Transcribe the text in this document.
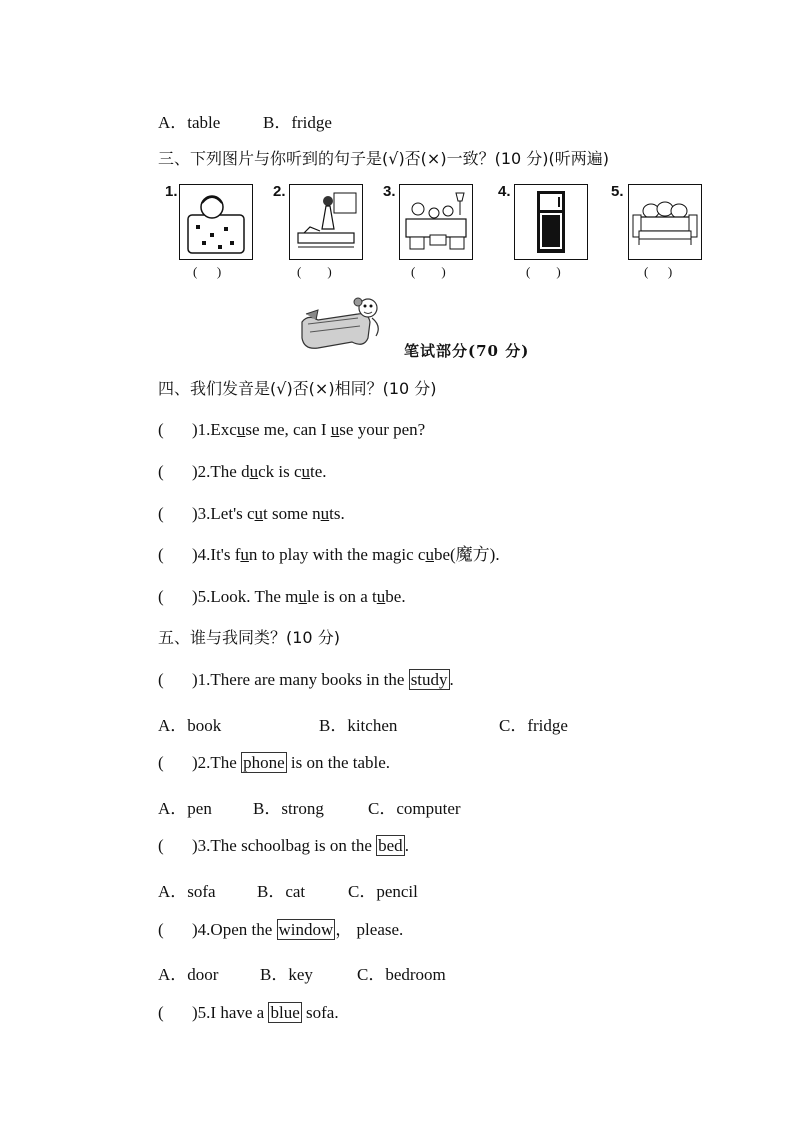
A．table	B．fridge
三、下列图片与你听到的句子是(√)否(×)一致？(10 分)(听两遍)
1.
(      )
2.
(        )
3.
(        )
4.
(        )
5.
(      )
笔试部分(70 分)
四、我们发音是(√)否(×)相同？(10 分)
( )1.Excuse me, can I use your pen?
( )2.The duck is cute.
( )3.Let's cut some nuts.
( )4.It's fun to play with the magic cube(魔方).
( )5.Look. The mule is on a tube.
五、谁与我同类？(10 分)
( )1.There are many books in the study .
A．book	B．kitchen	C．fridge
( )2.The phone is on the table.
A．pen B．strong	C．computer
( )3.The schoolbag is on the bed .
A．sofa B．cat	C．pencil
( )4.Open the window ， please.
A．door B．key	C．bedroom
( )5.I have a blue sofa.
